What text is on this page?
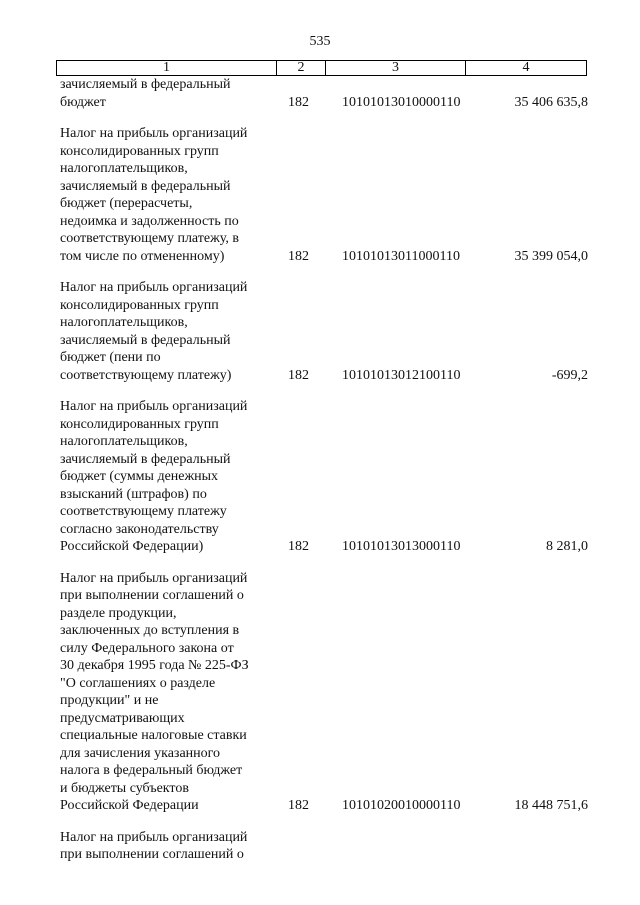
535
1	2	3	4
зачисляемый в федеральный
бюджет	182 10101013010000110	35 406 635,8
Налог на прибыль организаций
консолидированных групп
налогоплательщиков,
зачисляемый в федеральный
бюджет (перерасчеты,
недоимка и задолженность по
соответствующему платежу, в
том числе по отмененному)	182 10101013011000110	35 399 054,0
Налог на прибыль организаций
консолидированных групп
налогоплательщиков,
зачисляемый в федеральный
бюджет (пени по
соответствующему платежу)	182 10101013012100110	-699,2
Налог на прибыль организаций
консолидированных групп
налогоплательщиков,
зачисляемый в федеральный
бюджет (суммы денежных
взысканий (штрафов) по
соответствующему платежу
согласно законодательству
Российской Федерации)	182 10101013013000110	8 281,0
Налог на прибыль организаций
при выполнении соглашений о
разделе продукции,
заключенных до вступления в
силу Федерального закона от
30 декабря 1995 года № 225-ФЗ
"О соглашениях о разделе
продукции" и не
предусматривающих
специальные налоговые ставки
для зачисления указанного
налога в федеральный бюджет
и бюджеты субъектов
Российской Федерации	182 10101020010000110	18 448 751,6
Налог на прибыль организаций
при выполнении соглашений о
